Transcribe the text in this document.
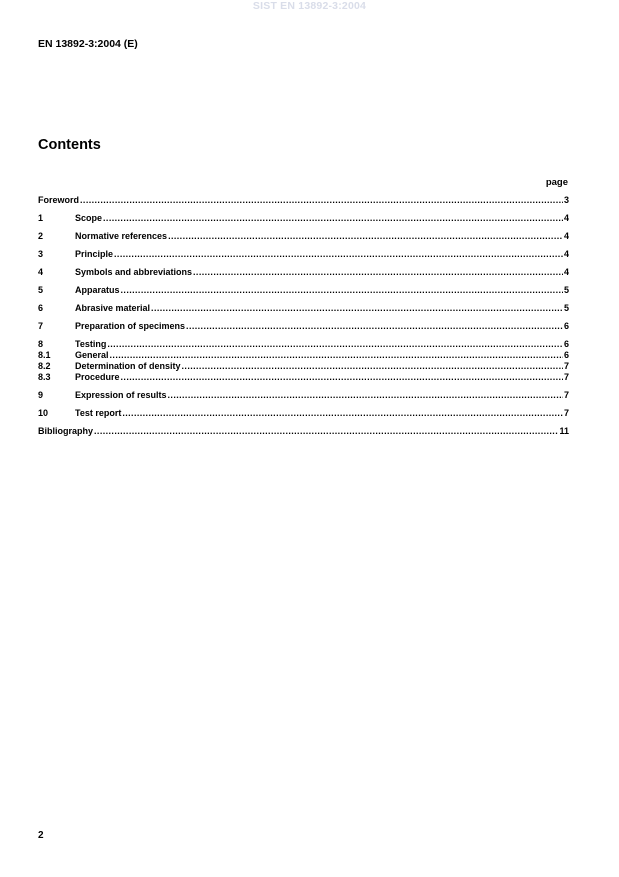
SIST EN 13892-3:2004
EN 13892-3:2004 (E)
Contents
page
Foreword .....	3
1	Scope .....	4
2	Normative references .....	4
3	Principle .....	4
4	Symbols and abbreviations .....	4
5	Apparatus .....	5
6	Abrasive material .....	5
7	Preparation of specimens .....	6
8	Testing .....	6
8.1	General .....	6
8.2	Determination of density .....	7
8.3	Procedure .....	7
9	Expression of results .....	7
10	Test report .....	7
Bibliography .....	11
2
